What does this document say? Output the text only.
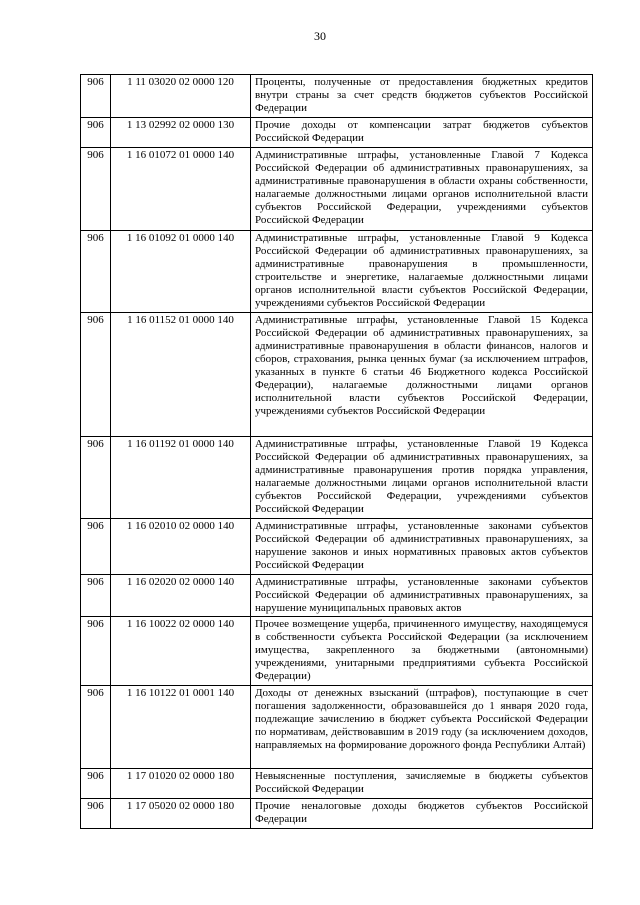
30
906	1 11 03020 02 0000 120	Проценты, полученные от предоставления бюджетных кредитов внутри страны за счет средств бюджетов субъектов Российской Федерации
906	1 13 02992 02 0000 130	Прочие доходы от компенсации затрат бюджетов субъектов Российской Федерации
906	1 16 01072 01 0000 140	Административные штрафы, установленные Главой 7 Кодекса Российской Федерации об административных правонарушениях, за административные правонарушения в области охраны собственности, налагаемые должностными лицами органов исполнительной власти субъектов Российской Федерации, учреждениями субъектов Российской Федерации
906	1 16 01092 01 0000 140	Административные штрафы, установленные Главой 9 Кодекса Российской Федерации об административных правонарушениях, за административные правонарушения в промышленности, строительстве и энергетике, налагаемые должностными лицами органов исполнительной власти субъектов Российской Федерации, учреждениями субъектов Российской Федерации
906	1 16 01152 01 0000 140	Административные штрафы, установленные Главой 15 Кодекса Российской Федерации об административных правонарушениях, за административные правонарушения в области финансов, налогов и сборов, страхования, рынка ценных бумаг (за исключением штрафов, указанных в пункте 6 статьи 46 Бюджетного кодекса Российской Федерации), налагаемые должностными лицами органов исполнительной власти субъектов Российской Федерации, учреждениями субъектов Российской Федерации
906	1 16 01192 01 0000 140	Административные штрафы, установленные Главой 19 Кодекса Российской Федерации об административных правонарушениях, за административные правонарушения против порядка управления, налагаемые должностными лицами органов исполнительной власти субъектов Российской Федерации, учреждениями субъектов Российской Федерации
906	1 16 02010 02 0000 140	Административные штрафы, установленные законами субъектов Российской Федерации об административных правонарушениях, за нарушение законов и иных нормативных правовых актов субъектов Российской Федерации
906	1 16 02020 02 0000 140	Административные штрафы, установленные законами субъектов Российской Федерации об административных правонарушениях, за нарушение муниципальных правовых актов
906	1 16 10022 02 0000 140	Прочее возмещение ущерба, причиненного имуществу, находящемуся в собственности субъекта Российской Федерации (за исключением имущества, закрепленного за бюджетными (автономными) учреждениями, унитарными предприятиями субъекта Российской Федерации)
906	1 16 10122 01 0001 140	Доходы от денежных взысканий (штрафов), поступающие в счет погашения задолженности, образовавшейся до 1 января 2020 года, подлежащие зачислению в бюджет субъекта Российской Федерации по нормативам, действовавшим в 2019 году (за исключением доходов, направляемых на формирование дорожного фонда Республики Алтай)
906	1 17 01020 02 0000 180	Невыясненные поступления, зачисляемые в бюджеты субъектов Российской Федерации
906	1 17 05020 02 0000 180	Прочие неналоговые доходы бюджетов субъектов Российской Федерации
